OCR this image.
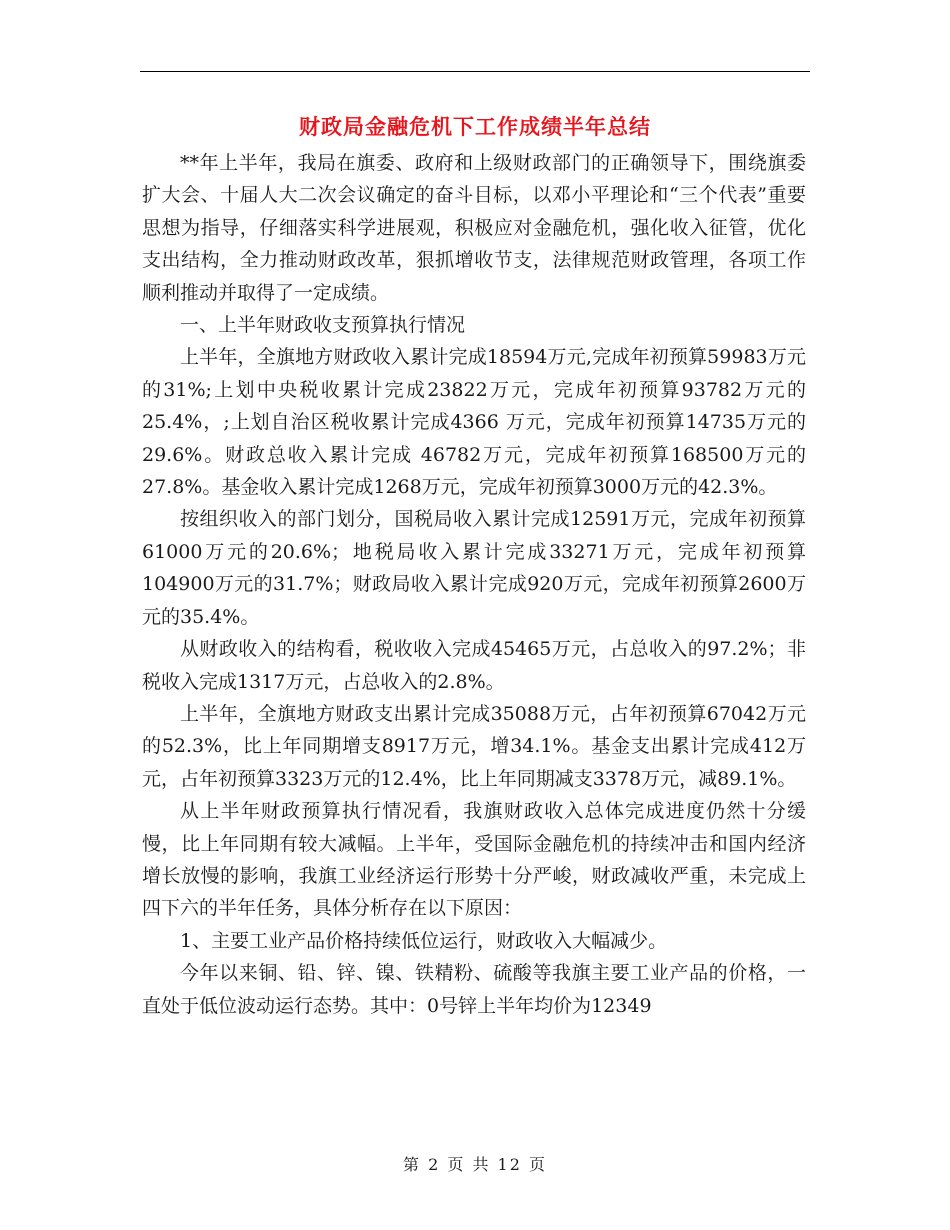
财政局金融危机下工作成绩半年总结

**年上半年，我局在旗委、政府和上级财政部门的正确领导下，围绕旗委扩大会、十届人大二次会议确定的奋斗目标，以邓小平理论和“三个代表”重要思想为指导，仔细落实科学进展观，积极应对金融危机，强化收入征管，优化支出结构，全力推动财政改革，狠抓增收节支，法律规范财政管理，各项工作顺利推动并取得了一定成绩。

一、上半年财政收支预算执行情况

上半年，全旗地方财政收入累计完成18594万元,完成年初预算59983万元的31%;上划中央税收累计完成23822万元，完成年初预算93782万元的25.4%，;上划自治区税收累计完成4366 万元，完成年初预算14735万元的29.6%。财政总收入累计完成 46782万元，完成年初预算168500万元的27.8%。基金收入累计完成1268万元，完成年初预算3000万元的42.3%。

按组织收入的部门划分，国税局收入累计完成12591万元，完成年初预算61000万元的20.6%；地税局收入累计完成33271万元，完成年初预算104900万元的31.7%；财政局收入累计完成920万元，完成年初预算2600万元的35.4%。

从财政收入的结构看，税收收入完成45465万元，占总收入的97.2%；非税收入完成1317万元，占总收入的2.8%。

上半年，全旗地方财政支出累计完成35088万元，占年初预算67042万元的52.3%，比上年同期增支8917万元，增34.1%。基金支出累计完成412万元，占年初预算3323万元的12.4%，比上年同期减支3378万元，减89.1%。

从上半年财政预算执行情况看，我旗财政收入总体完成进度仍然十分缓慢，比上年同期有较大减幅。上半年，受国际金融危机的持续冲击和国内经济增长放慢的影响，我旗工业经济运行形势十分严峻，财政减收严重，未完成上四下六的半年任务，具体分析存在以下原因：

1、主要工业产品价格持续低位运行，财政收入大幅减少。

今年以来铜、铅、锌、镍、铁精粉、硫酸等我旗主要工业产品的价格，一直处于低位波动运行态势。其中：0号锌上半年均价为12349

第 2 页 共 12 页
